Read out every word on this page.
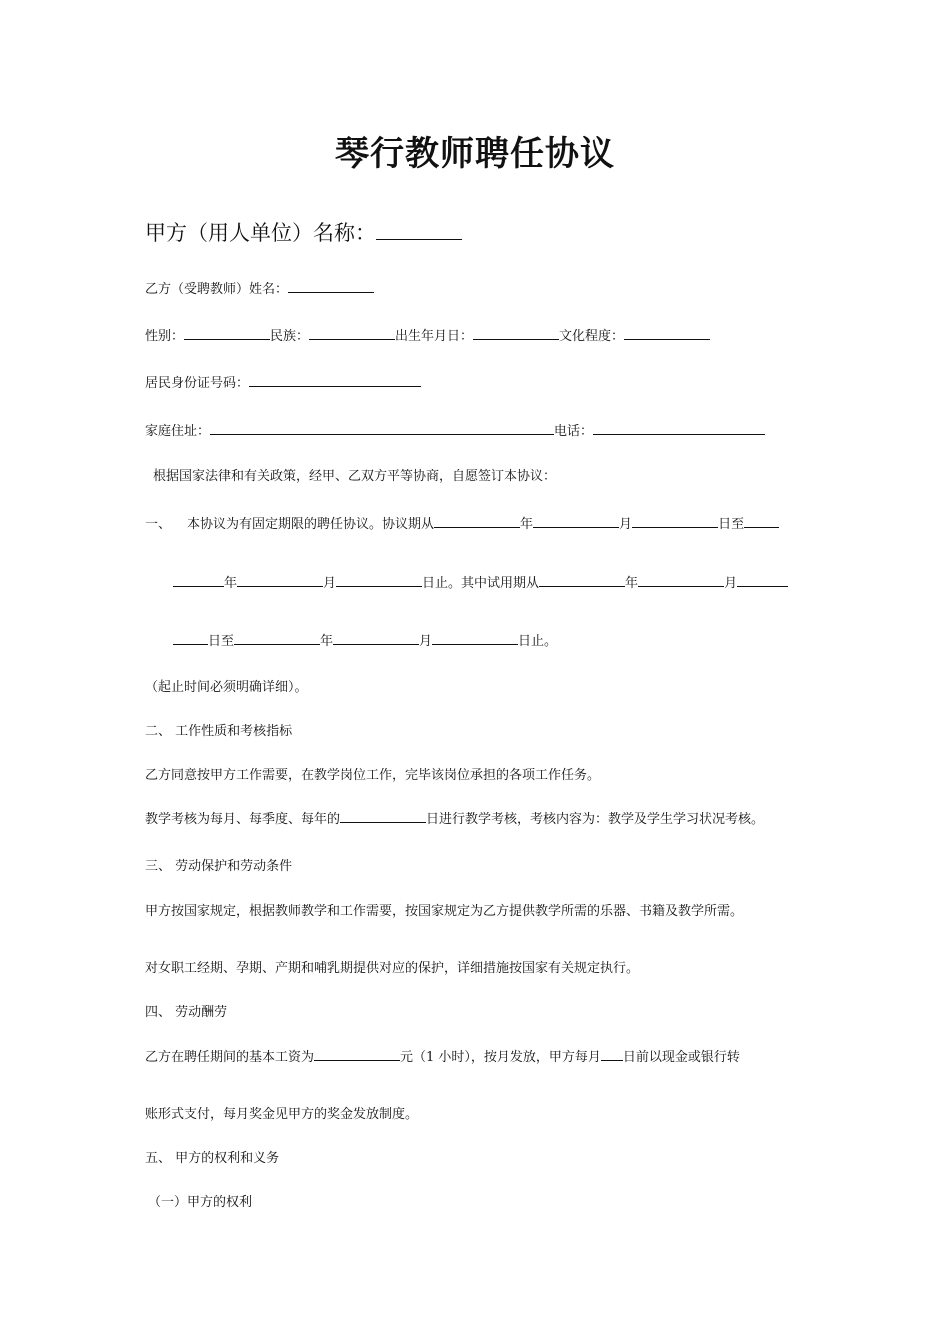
琴行教师聘任协议
甲方（用人单位）名称：
乙方（受聘教师）姓名：
性别：	民族：	出生年月日：	文化程度：
居民身份证号码：
家庭住址：	电话：
根据国家法律和有关政策，经甲、乙双方平等协商，自愿签订本协议：
一、 本协议为有固定期限的聘任协议。协议期从	年	月	日至
年	月	日止。其中试用期从	年	月
日至	年	月	日止。
（起止时间必须明确详细）。
二、 工作性质和考核指标
乙方同意按甲方工作需要，在教学岗位工作，完毕该岗位承担的各项工作任务。
教学考核为每月、每季度、每年的	日进行教学考核，考核内容为：教学及学生学习状况考核。
三、 劳动保护和劳动条件
甲方按国家规定，根据教师教学和工作需要，按国家规定为乙方提供教学所需的乐器、书籍及教学所需。
对女职工经期、孕期、产期和哺乳期提供对应的保护，详细措施按国家有关规定执行。
四、 劳动酬劳
乙方在聘任期间的基本工资为	元（1 小时），按月发放，甲方每月 日前以现金或银行转
账形式支付，每月奖金见甲方的奖金发放制度。
五、 甲方的权利和义务
（一）甲方的权利
